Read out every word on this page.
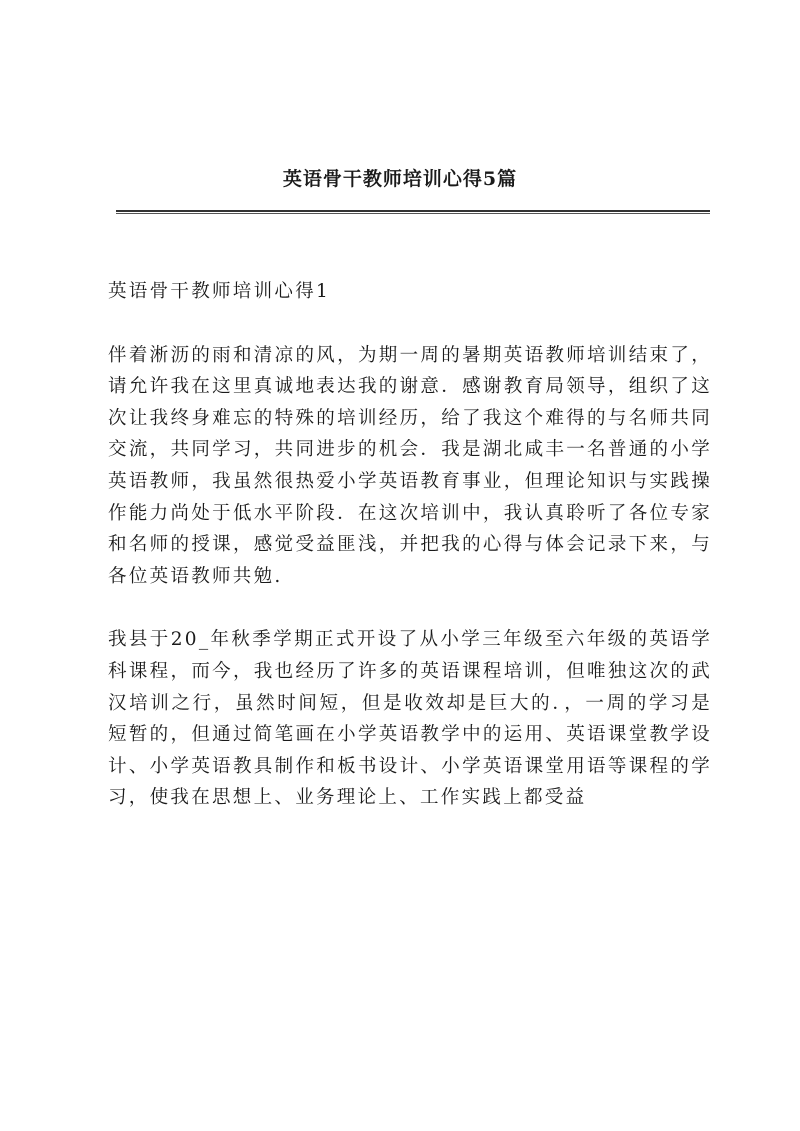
英语骨干教师培训心得5篇
英语骨干教师培训心得1

伴着淅沥的雨和清凉的风，为期一周的暑期英语教师培训结束了，请允许我在这里真诚地表达我的谢意．感谢教育局领导，组织了这次让我终身难忘的特殊的培训经历，给了我这个难得的与名师共同交流，共同学习，共同进步的机会．我是湖北咸丰一名普通的小学英语教师，我虽然很热爱小学英语教育事业，但理论知识与实践操作能力尚处于低水平阶段．在这次培训中，我认真聆听了各位专家和名师的授课，感觉受益匪浅，并把我的心得与体会记录下来，与各位英语教师共勉.

我县于20_年秋季学期正式开设了从小学三年级至六年级的英语学科课程，而今，我也经历了许多的英语课程培训，但唯独这次的武汉培训之行，虽然时间短，但是收效却是巨大的．，一周的学习是短暂的，但通过简笔画在小学英语教学中的运用、英语课堂教学设计、小学英语教具制作和板书设计、小学英语课堂用语等课程的学习，使我在思想上、业务理论上、工作实践上都受益
